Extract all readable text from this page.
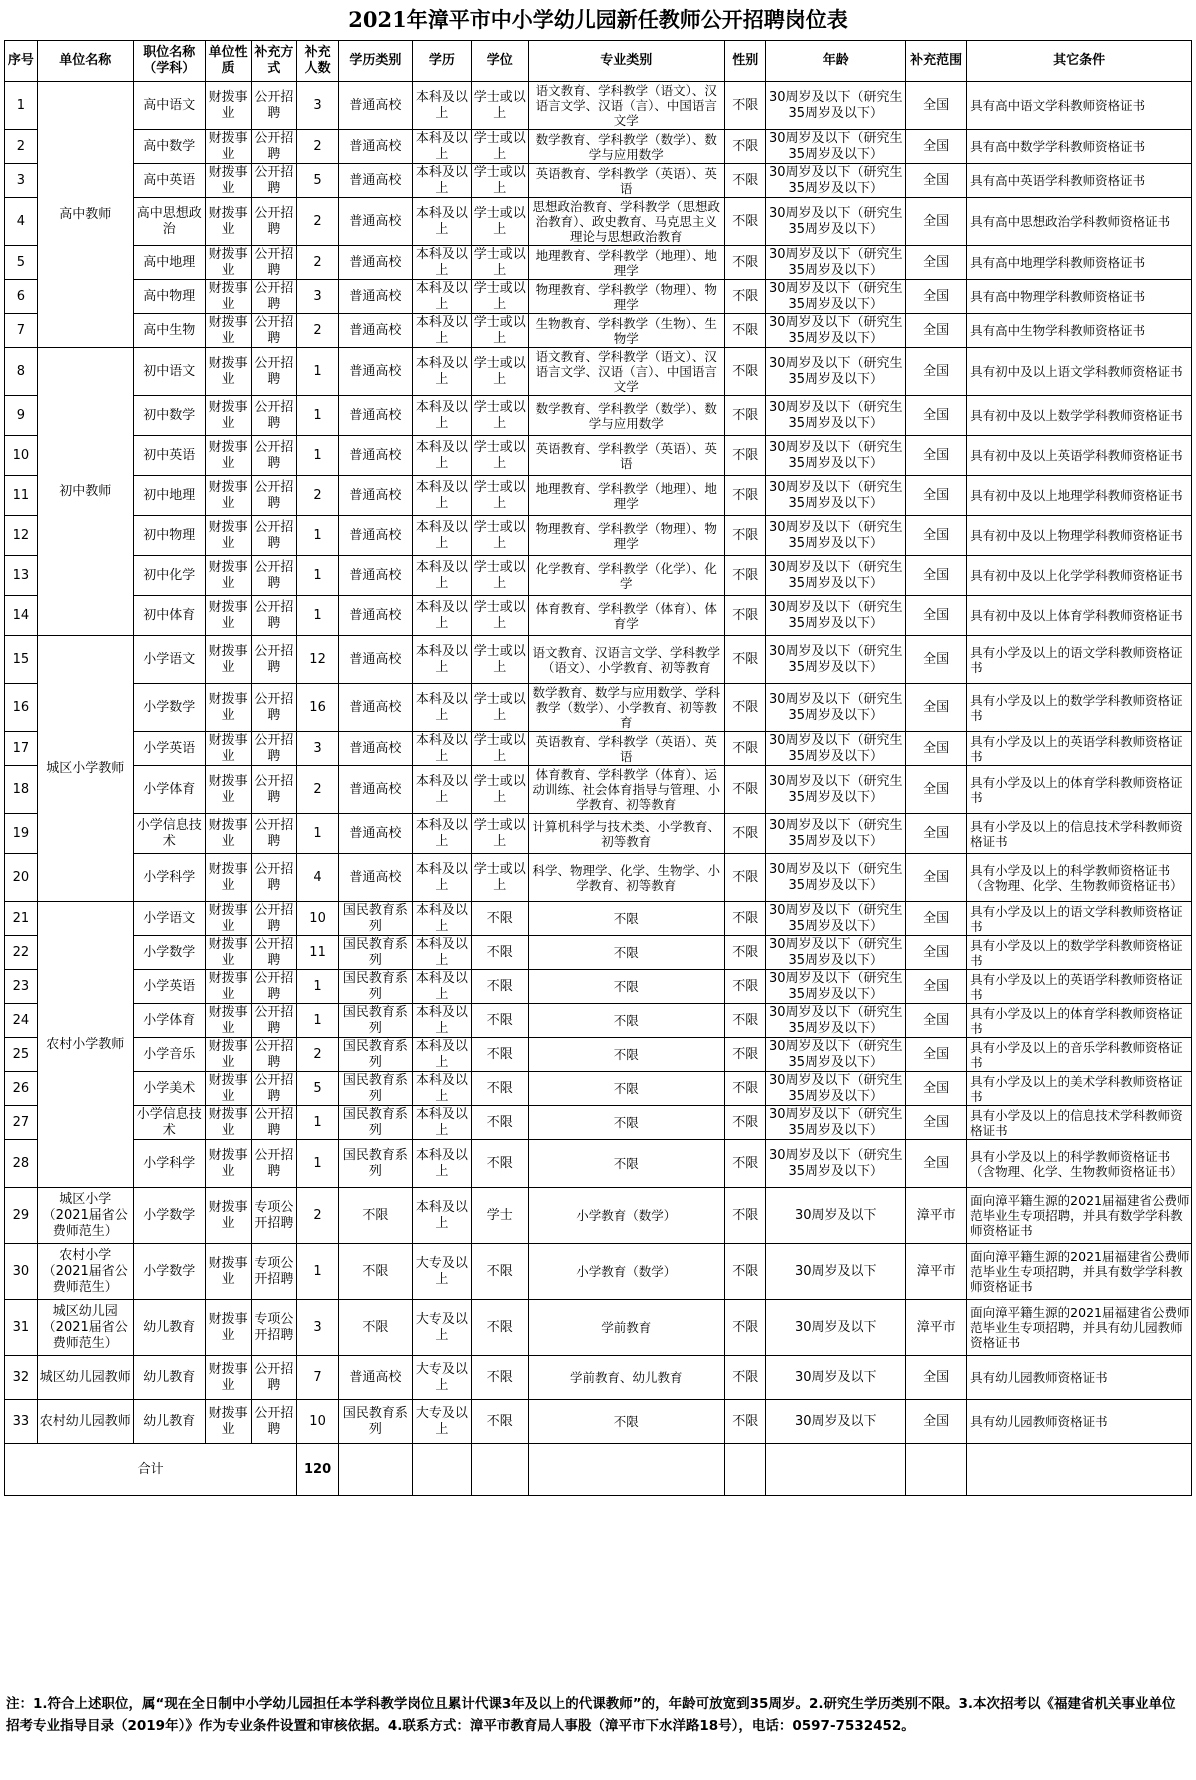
2021年漳平市中小学幼儿园新任教师公开招聘岗位表
序号	单位名称	职位名称（学科）	单位性质	补充方式	补充人数	学历类别	学历	学位	专业类别	性别	年龄	补充范围	其它条件
1	高中教师	高中语文	财拨事业	公开招聘	3	普通高校	本科及以上	学士或以上	语文教育、学科教学（语文）、汉语言文学、汉语（言）、中国语言文学	不限	30周岁及以下（研究生35周岁及以下）	全国	具有高中语文学科教师资格证书
2		高中数学	财拨事业	公开招聘	2	普通高校	本科及以上	学士或以上	数学教育、学科教学（数学）、数学与应用数学	不限	30周岁及以下（研究生35周岁及以下）	全国	具有高中数学学科教师资格证书
3		高中英语	财拨事业	公开招聘	5	普通高校	本科及以上	学士或以上	英语教育、学科教学（英语）、英语	不限	30周岁及以下（研究生35周岁及以下）	全国	具有高中英语学科教师资格证书
4		高中思想政治	财拨事业	公开招聘	2	普通高校	本科及以上	学士或以上	思想政治教育、学科教学（思想政治教育）、政史教育、马克思主义理论与思想政治教育	不限	30周岁及以下（研究生35周岁及以下）	全国	具有高中思想政治学科教师资格证书
5		高中地理	财拨事业	公开招聘	2	普通高校	本科及以上	学士或以上	地理教育、学科教学（地理）、地理学	不限	30周岁及以下（研究生35周岁及以下）	全国	具有高中地理学科教师资格证书
6		高中物理	财拨事业	公开招聘	3	普通高校	本科及以上	学士或以上	物理教育、学科教学（物理）、物理学	不限	30周岁及以下（研究生35周岁及以下）	全国	具有高中物理学科教师资格证书
7		高中生物	财拨事业	公开招聘	2	普通高校	本科及以上	学士或以上	生物教育、学科教学（生物）、生物学	不限	30周岁及以下（研究生35周岁及以下）	全国	具有高中生物学科教师资格证书
8	初中教师	初中语文	财拨事业	公开招聘	1	普通高校	本科及以上	学士或以上	语文教育、学科教学（语文）、汉语言文学、汉语（言）、中国语言文学	不限	30周岁及以下（研究生35周岁及以下）	全国	具有初中及以上语文学科教师资格证书
9		初中数学	财拨事业	公开招聘	1	普通高校	本科及以上	学士或以上	数学教育、学科教学（数学）、数学与应用数学	不限	30周岁及以下（研究生35周岁及以下）	全国	具有初中及以上数学学科教师资格证书
10		初中英语	财拨事业	公开招聘	1	普通高校	本科及以上	学士或以上	英语教育、学科教学（英语）、英语	不限	30周岁及以下（研究生35周岁及以下）	全国	具有初中及以上英语学科教师资格证书
11		初中地理	财拨事业	公开招聘	2	普通高校	本科及以上	学士或以上	地理教育、学科教学（地理）、地理学	不限	30周岁及以下（研究生35周岁及以下）	全国	具有初中及以上地理学科教师资格证书
12		初中物理	财拨事业	公开招聘	1	普通高校	本科及以上	学士或以上	物理教育、学科教学（物理）、物理学	不限	30周岁及以下（研究生35周岁及以下）	全国	具有初中及以上物理学科教师资格证书
13		初中化学	财拨事业	公开招聘	1	普通高校	本科及以上	学士或以上	化学教育、学科教学（化学）、化学	不限	30周岁及以下（研究生35周岁及以下）	全国	具有初中及以上化学学科教师资格证书
14		初中体育	财拨事业	公开招聘	1	普通高校	本科及以上	学士或以上	体育教育、学科教学（体育）、体育学	不限	30周岁及以下（研究生35周岁及以下）	全国	具有初中及以上体育学科教师资格证书
15	城区小学教师	小学语文	财拨事业	公开招聘	12	普通高校	本科及以上	学士或以上	语文教育、汉语言文学、学科教学（语文）、小学教育、初等教育	不限	30周岁及以下（研究生35周岁及以下）	全国	具有小学及以上的语文学科教师资格证书
16		小学数学	财拨事业	公开招聘	16	普通高校	本科及以上	学士或以上	数学教育、数学与应用数学、学科教学（数学）、小学教育、初等教育	不限	30周岁及以下（研究生35周岁及以下）	全国	具有小学及以上的数学学科教师资格证书
17		小学英语	财拨事业	公开招聘	3	普通高校	本科及以上	学士或以上	英语教育、学科教学（英语）、英语	不限	30周岁及以下（研究生35周岁及以下）	全国	具有小学及以上的英语学科教师资格证书
18		小学体育	财拨事业	公开招聘	2	普通高校	本科及以上	学士或以上	体育教育、学科教学（体育）、运动训练、社会体育指导与管理、小学教育、初等教育	不限	30周岁及以下（研究生35周岁及以下）	全国	具有小学及以上的体育学科教师资格证书
19		小学信息技术	财拨事业	公开招聘	1	普通高校	本科及以上	学士或以上	计算机科学与技术类、小学教育、初等教育	不限	30周岁及以下（研究生35周岁及以下）	全国	具有小学及以上的信息技术学科教师资格证书
20		小学科学	财拨事业	公开招聘	4	普通高校	本科及以上	学士或以上	科学、物理学、化学、生物学、小学教育、初等教育	不限	30周岁及以下（研究生35周岁及以下）	全国	具有小学及以上的科学教师资格证书（含物理、化学、生物教师资格证书）
21	农村小学教师	小学语文	财拨事业	公开招聘	10	国民教育系列	本科及以上	不限	不限	不限	30周岁及以下（研究生35周岁及以下）	全国	具有小学及以上的语文学科教师资格证书
22		小学数学	财拨事业	公开招聘	11	国民教育系列	本科及以上	不限	不限	不限	30周岁及以下（研究生35周岁及以下）	全国	具有小学及以上的数学学科教师资格证书
23		小学英语	财拨事业	公开招聘	1	国民教育系列	本科及以上	不限	不限	不限	30周岁及以下（研究生35周岁及以下）	全国	具有小学及以上的英语学科教师资格证书
24		小学体育	财拨事业	公开招聘	1	国民教育系列	本科及以上	不限	不限	不限	30周岁及以下（研究生35周岁及以下）	全国	具有小学及以上的体育学科教师资格证书
25		小学音乐	财拨事业	公开招聘	2	国民教育系列	本科及以上	不限	不限	不限	30周岁及以下（研究生35周岁及以下）	全国	具有小学及以上的音乐学科教师资格证书
26		小学美术	财拨事业	公开招聘	5	国民教育系列	本科及以上	不限	不限	不限	30周岁及以下（研究生35周岁及以下）	全国	具有小学及以上的美术学科教师资格证书
27		小学信息技术	财拨事业	公开招聘	1	国民教育系列	本科及以上	不限	不限	不限	30周岁及以下（研究生35周岁及以下）	全国	具有小学及以上的信息技术学科教师资格证书
28		小学科学	财拨事业	公开招聘	1	国民教育系列	本科及以上	不限	不限	不限	30周岁及以下（研究生35周岁及以下）	全国	具有小学及以上的科学教师资格证书（含物理、化学、生物教师资格证书）
29	城区小学（2021届省公费师范生）	小学数学	财拨事业	专项公开招聘	2	不限	本科及以上	学士	小学教育（数学）	不限	30周岁及以下	漳平市	面向漳平籍生源的2021届福建省公费师范毕业生专项招聘，并具有数学学科教师资格证书
30	农村小学（2021届省公费师范生）	小学数学	财拨事业	专项公开招聘	1	不限	大专及以上	不限	小学教育（数学）	不限	30周岁及以下	漳平市	面向漳平籍生源的2021届福建省公费师范毕业生专项招聘，并具有数学学科教师资格证书
31	城区幼儿园（2021届省公费师范生）	幼儿教育	财拨事业	专项公开招聘	3	不限	大专及以上	不限	学前教育	不限	30周岁及以下	漳平市	面向漳平籍生源的2021届福建省公费师范毕业生专项招聘，并具有幼儿园教师资格证书
32	城区幼儿园教师	幼儿教育	财拨事业	公开招聘	7	普通高校	大专及以上	不限	学前教育、幼儿教育	不限	30周岁及以下	全国	具有幼儿园教师资格证书
33	农村幼儿园教师	幼儿教育	财拨事业	公开招聘	10	国民教育系列	大专及以上	不限	不限	不限	30周岁及以下	全国	具有幼儿园教师资格证书
合计					120								
注：1.符合上述职位，属“现在全日制中小学幼儿园担任本学科教学岗位且累计代课3年及以上的代课教师”的，年龄可放宽到35周岁。2.研究生学历类别不限。3.本次招考以《福建省机关事业单位招考专业指导目录（2019年）》作为专业条件设置和审核依据。4.联系方式：漳平市教育局人事股（漳平市下水洋路18号），电话：0597-7532452。
